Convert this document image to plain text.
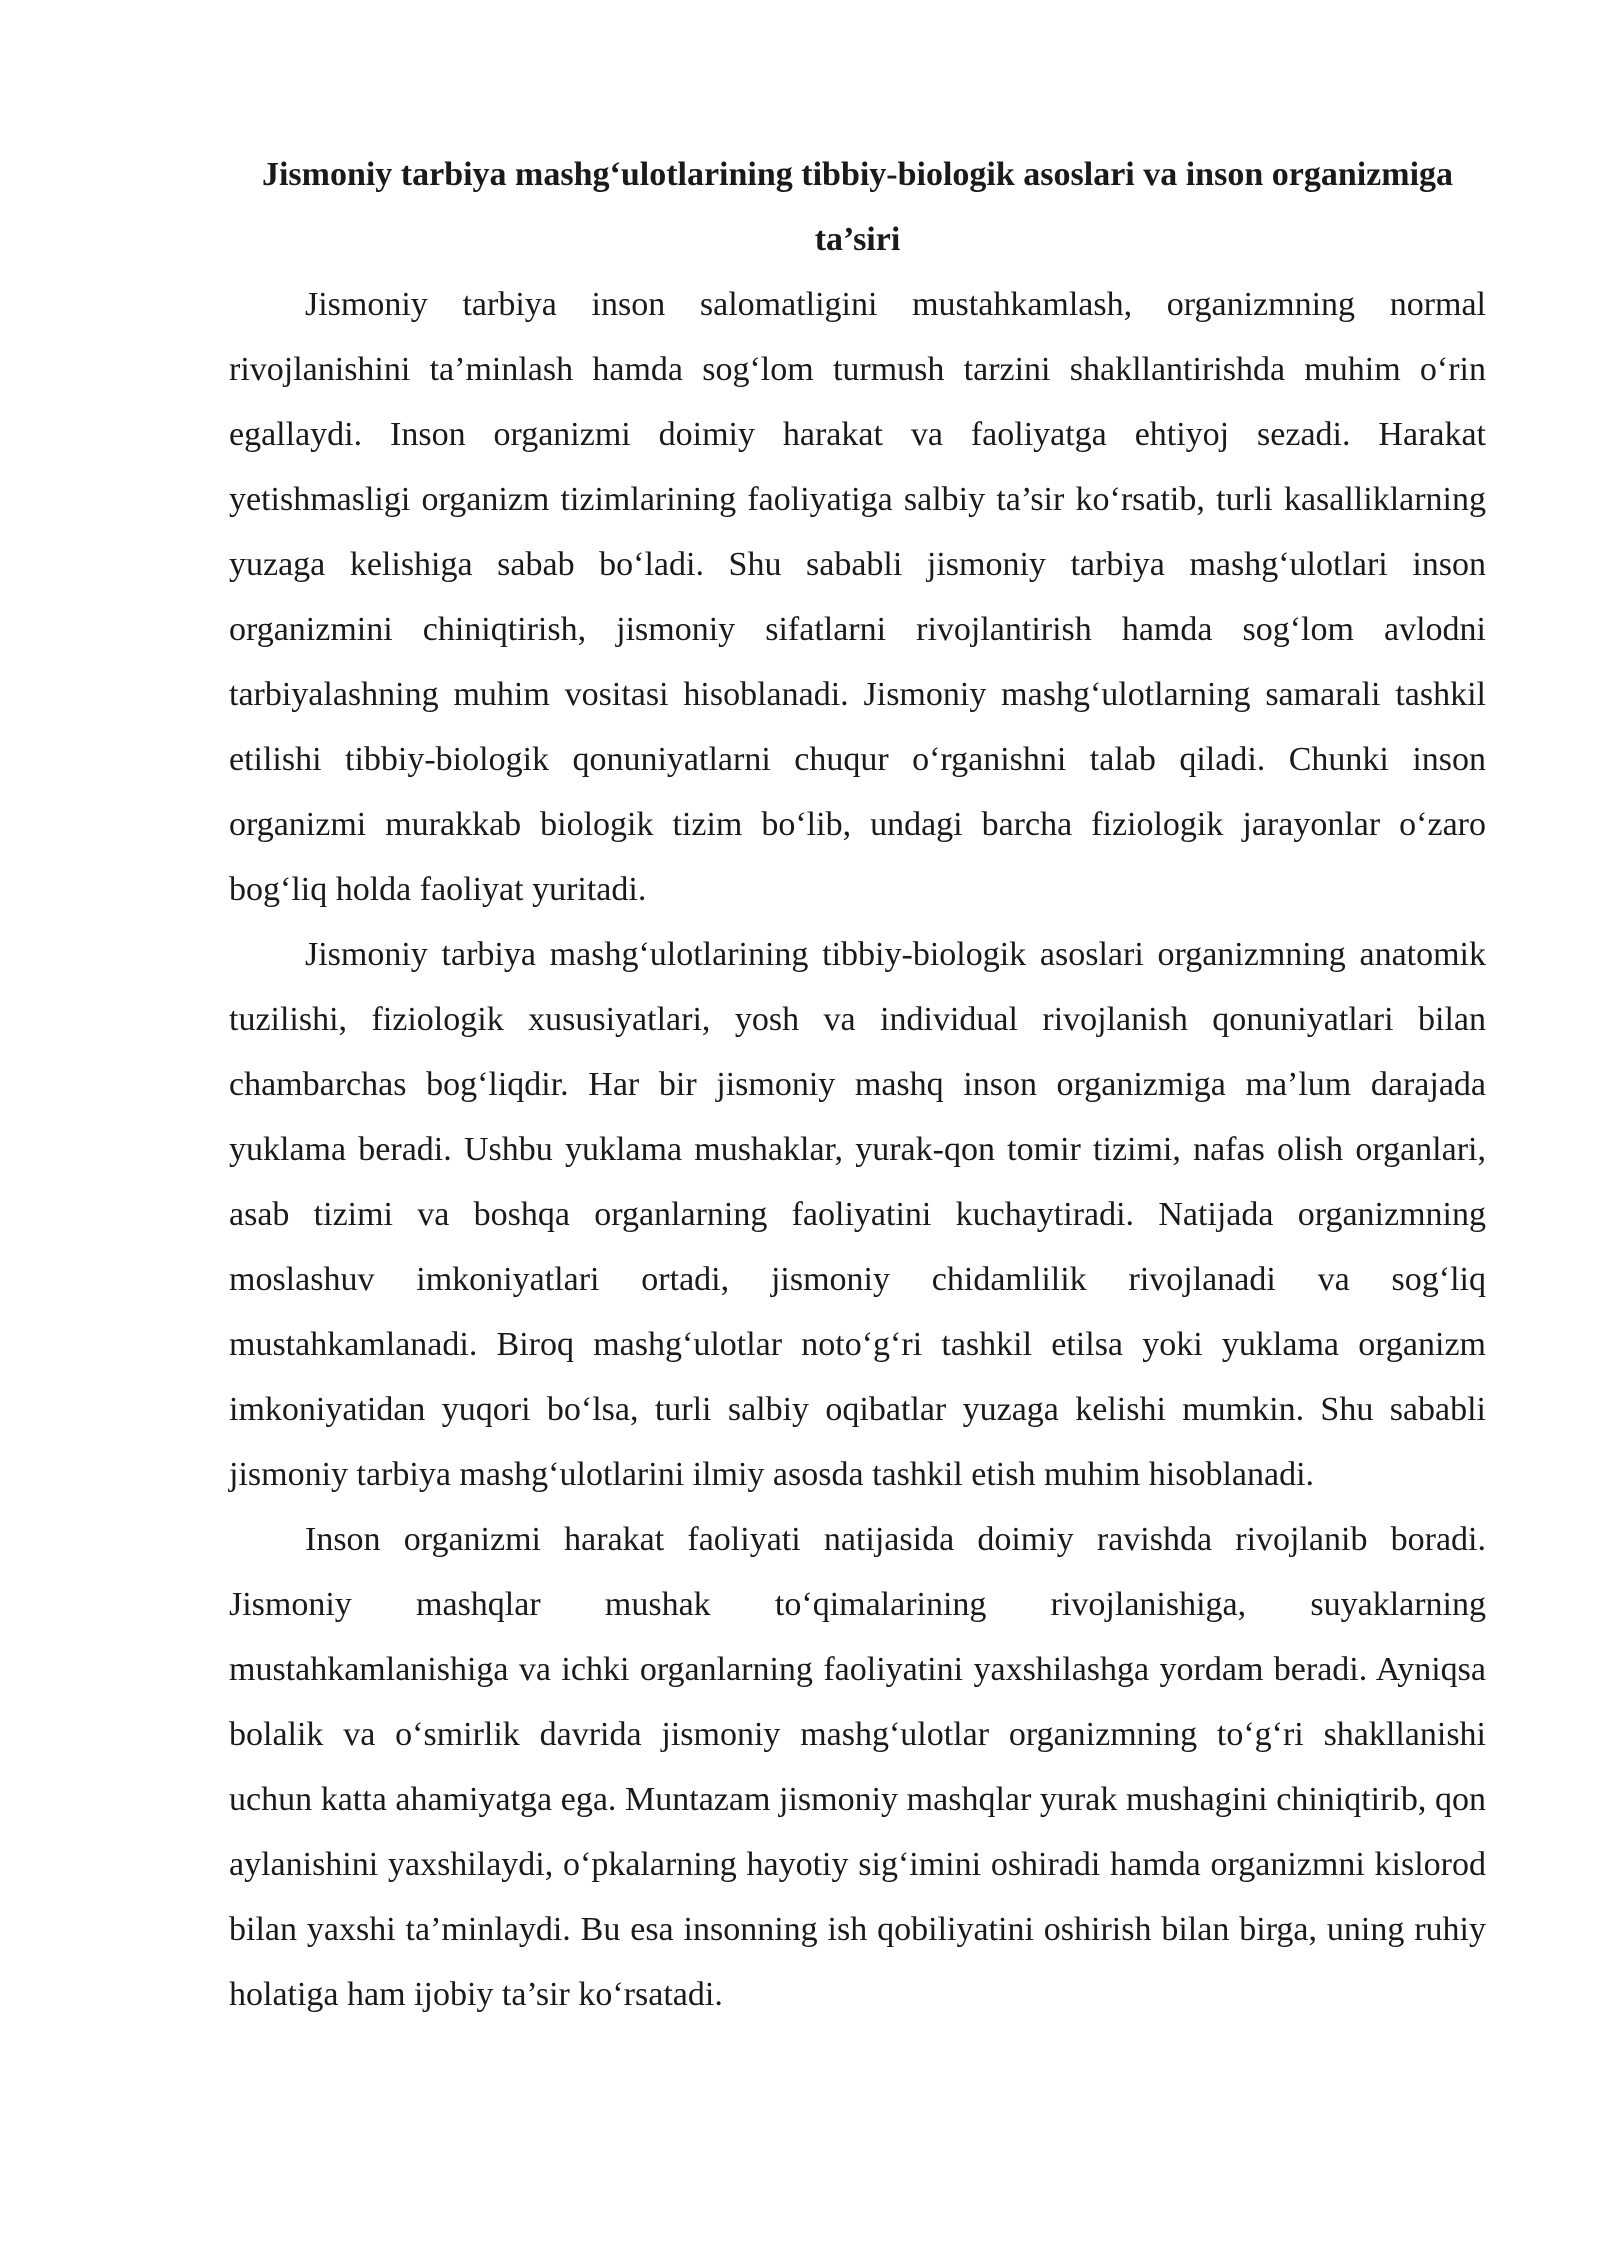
Jismoniy tarbiya mashg‘ulotlarining tibbiy-biologik asoslari va inson organizmiga ta’siri

Jismoniy tarbiya inson salomatligini mustahkamlash, organizmning normal rivojlanishini ta’minlash hamda sog‘lom turmush tarzini shakllantirishda muhim o‘rin egallaydi. Inson organizmi doimiy harakat va faoliyatga ehtiyoj sezadi. Harakat yetishmasligi organizm tizimlarining faoliyatiga salbiy ta’sir ko‘rsatib, turli kasalliklarning yuzaga kelishiga sabab bo‘ladi. Shu sababli jismoniy tarbiya mashg‘ulotlari inson organizmini chiniqtirish, jismoniy sifatlarni rivojlantirish hamda sog‘lom avlodni tarbiyalashning muhim vositasi hisoblanadi. Jismoniy mashg‘ulotlarning samarali tashkil etilishi tibbiy-biologik qonuniyatlarni chuqur o‘rganishni talab qiladi. Chunki inson organizmi murakkab biologik tizim bo‘lib, undagi barcha fiziologik jarayonlar o‘zaro bog‘liq holda faoliyat yuritadi.

Jismoniy tarbiya mashg‘ulotlarining tibbiy-biologik asoslari organizmning anatomik tuzilishi, fiziologik xususiyatlari, yosh va individual rivojlanish qonuniyatlari bilan chambarchas bog‘liqdir. Har bir jismoniy mashq inson organizmiga ma’lum darajada yuklama beradi. Ushbu yuklama mushaklar, yurak-qon tomir tizimi, nafas olish organlari, asab tizimi va boshqa organlarning faoliyatini kuchaytiradi. Natijada organizmning moslashuv imkoniyatlari ortadi, jismoniy chidamlilik rivojlanadi va sog‘liq mustahkamlanadi. Biroq mashg‘ulotlar noto‘g‘ri tashkil etilsa yoki yuklama organizm imkoniyatidan yuqori bo‘lsa, turli salbiy oqibatlar yuzaga kelishi mumkin. Shu sababli jismoniy tarbiya mashg‘ulotlarini ilmiy asosda tashkil etish muhim hisoblanadi.

Inson organizmi harakat faoliyati natijasida doimiy ravishda rivojlanib boradi. Jismoniy mashqlar mushak to‘qimalarining rivojlanishiga, suyaklarning mustahkamlanishiga va ichki organlarning faoliyatini yaxshilashga yordam beradi. Ayniqsa bolalik va o‘smirlik davrida jismoniy mashg‘ulotlar organizmning to‘g‘ri shakllanishi uchun katta ahamiyatga ega. Muntazam jismoniy mashqlar yurak mushagini chiniqtirib, qon aylanishini yaxshilaydi, o‘pkalarning hayotiy sig‘imini oshiradi hamda organizmni kislorod bilan yaxshi ta’minlaydi. Bu esa insonning ish qobiliyatini oshirish bilan birga, uning ruhiy holatiga ham ijobiy ta’sir ko‘rsatadi.
